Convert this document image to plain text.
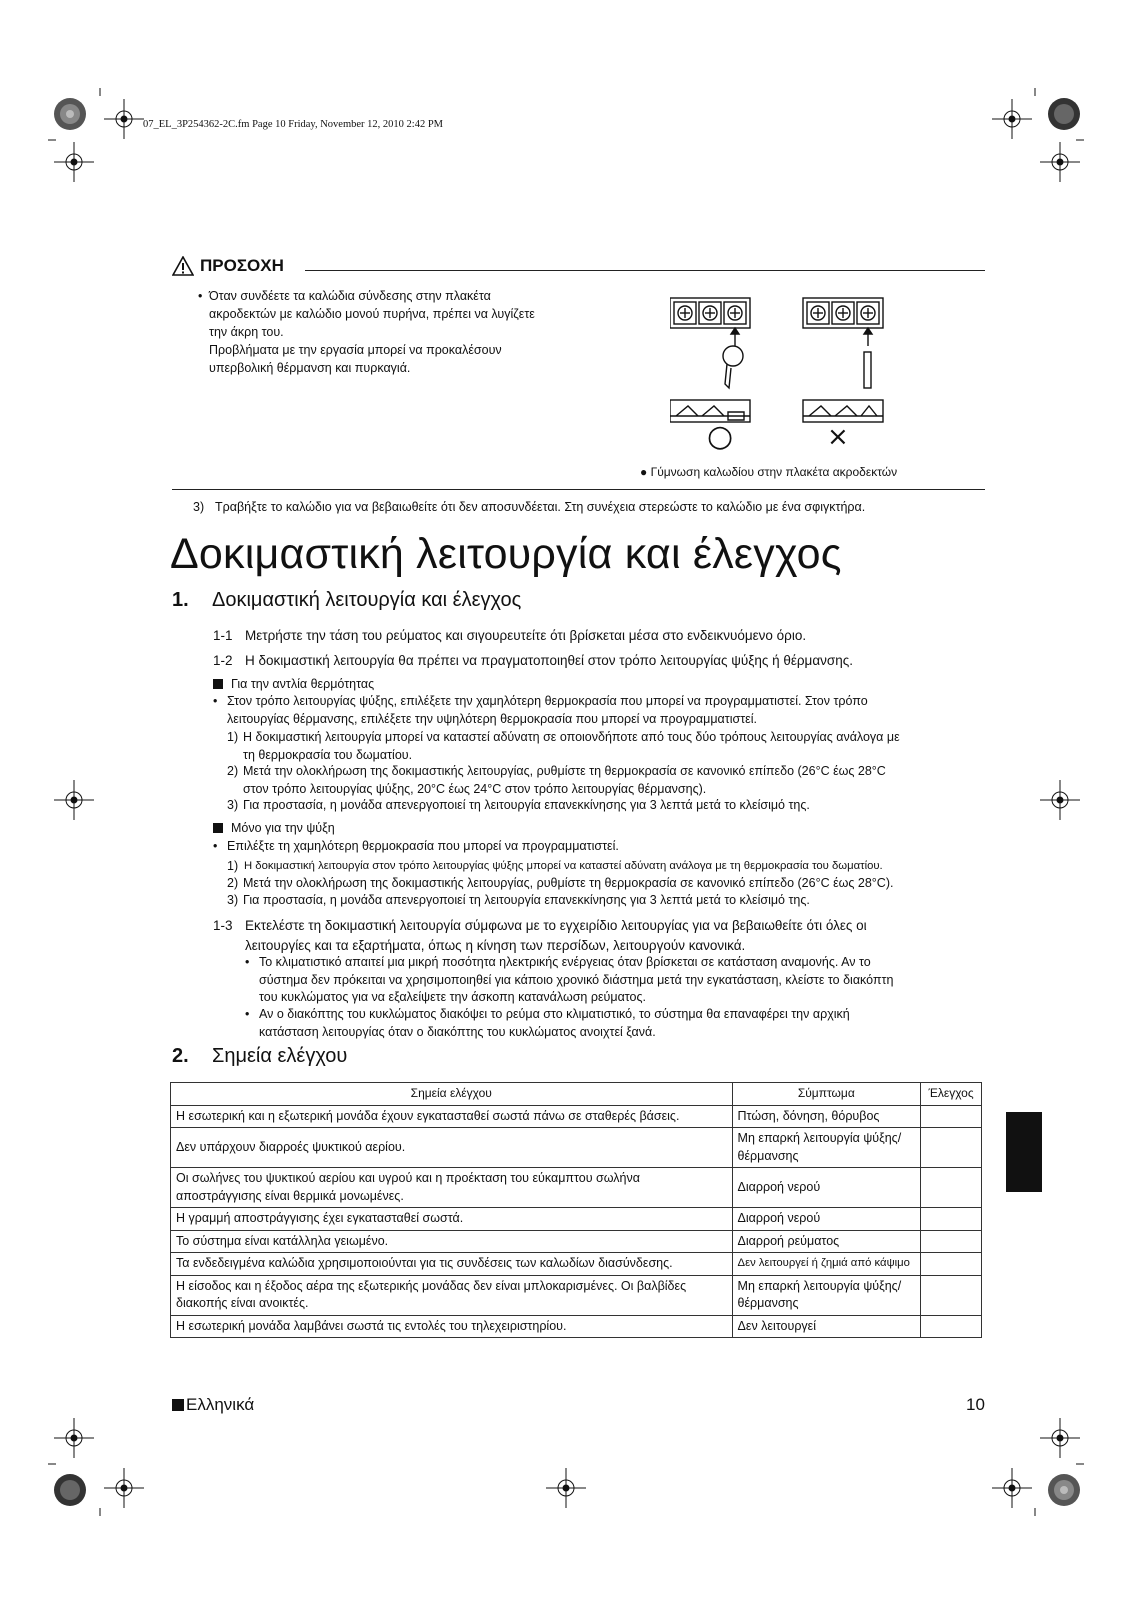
07_EL_3P254362-2C.fm Page 10 Friday, November 12, 2010 2:42 PM
ΠΡΟΣΟΧΗ
• Όταν συνδέετε τα καλώδια σύνδεσης στην πλακέτα
ακροδεκτών με καλώδιο μονού πυρήνα, πρέπει να λυγίζετε
την άκρη του.
Προβλήματα με την εργασία μπορεί να προκαλέσουν
υπερβολική θέρμανση και πυρκαγιά.
○	×
● Γύμνωση καλωδίου στην πλακέτα ακροδεκτών
3) Τραβήξτε το καλώδιο για να βεβαιωθείτε ότι δεν αποσυνδέεται. Στη συνέχεια στερεώστε το καλώδιο με ένα σφιγκτήρα.
Δοκιμαστική λειτουργία και έλεγχος
1. Δοκιμαστική λειτουργία και έλεγχος
1-1 Μετρήστε την τάση του ρεύματος και σιγουρευτείτε ότι βρίσκεται μέσα στο ενδεικνυόμενο όριο.
1-2 Η δοκιμαστική λειτουργία θα πρέπει να πραγματοποιηθεί στον τρόπο λειτουργίας ψύξης ή θέρμανσης.
Για την αντλία θερμότητας
• Στον τρόπο λειτουργίας ψύξης, επιλέξετε την χαμηλότερη θερμοκρασία που μπορεί να προγραμματιστεί. Στον τρόπο
λειτουργίας θέρμανσης, επιλέξετε την υψηλότερη θερμοκρασία που μπορεί να προγραμματιστεί.
1) Η δοκιμαστική λειτουργία μπορεί να καταστεί αδύνατη σε οποιονδήποτε από τους δύο τρόπους λειτουργίας ανάλογα με
τη θερμοκρασία του δωματίου.
2) Μετά την ολοκλήρωση της δοκιμαστικής λειτουργίας, ρυθμίστε τη θερμοκρασία σε κανονικό επίπεδο (26°C έως 28°C
στον τρόπο λειτουργίας ψύξης, 20°C έως 24°C στον τρόπο λειτουργίας θέρμανσης).
3) Για προστασία, η μονάδα απενεργοποιεί τη λειτουργία επανεκκίνησης για 3 λεπτά μετά το κλείσιμό της.
Μόνο για την ψύξη
• Επιλέξτε τη χαμηλότερη θερμοκρασία που μπορεί να προγραμματιστεί.
1) Η δοκιμαστική λειτουργία στον τρόπο λειτουργίας ψύξης μπορεί να καταστεί αδύνατη ανάλογα με τη θερμοκρασία του δωματίου.
2) Μετά την ολοκλήρωση της δοκιμαστικής λειτουργίας, ρυθμίστε τη θερμοκρασία σε κανονικό επίπεδο (26°C έως 28°C).
3) Για προστασία, η μονάδα απενεργοποιεί τη λειτουργία επανεκκίνησης για 3 λεπτά μετά το κλείσιμό της.
1-3 Εκτελέστε τη δοκιμαστική λειτουργία σύμφωνα με το εγχειρίδιο λειτουργίας για να βεβαιωθείτε ότι όλες οι
λειτουργίες και τα εξαρτήματα, όπως η κίνηση των περσίδων, λειτουργούν κανονικά.
• Το κλιματιστικό απαιτεί μια μικρή ποσότητα ηλεκτρικής ενέργειας όταν βρίσκεται σε κατάσταση αναμονής. Αν το
σύστημα δεν πρόκειται να χρησιμοποιηθεί για κάποιο χρονικό διάστημα μετά την εγκατάσταση, κλείστε το διακόπτη
του κυκλώματος για να εξαλείψετε την άσκοπη κατανάλωση ρεύματος.
• Αν ο διακόπτης του κυκλώματος διακόψει το ρεύμα στο κλιματιστικό, το σύστημα θα επαναφέρει την αρχική
κατάσταση λειτουργίας όταν ο διακόπτης του κυκλώματος ανοιχτεί ξανά.
2. Σημεία ελέγχου
Σημεία ελέγχου	Σύμπτωμα	Έλεγχος
Η εσωτερική και η εξωτερική μονάδα έχουν εγκατασταθεί σωστά πάνω σε σταθερές βάσεις.	Πτώση, δόνηση, θόρυβος	
Δεν υπάρχουν διαρροές ψυκτικού αερίου.	Μη επαρκή λειτουργία ψύξης/ θέρμανσης	
Οι σωλήνες του ψυκτικού αερίου και υγρού και η προέκταση του εύκαμπτου σωλήνα αποστράγγισης είναι θερμικά μονωμένες.	Διαρροή νερού	
Η γραμμή αποστράγγισης έχει εγκατασταθεί σωστά.	Διαρροή νερού	
Το σύστημα είναι κατάλληλα γειωμένο.	Διαρροή ρεύματος	
Τα ενδεδειγμένα καλώδια χρησιμοποιούνται για τις συνδέσεις των καλωδίων διασύνδεσης.	Δεν λειτουργεί ή ζημιά από κάψιμο	
Η είσοδος και η έξοδος αέρα της εξωτερικής μονάδας δεν είναι μπλοκαρισμένες. Οι βαλβίδες διακοπής είναι ανοικτές.	Μη επαρκή λειτουργία ψύξης/ θέρμανσης	
Η εσωτερική μονάδα λαμβάνει σωστά τις εντολές του τηλεχειριστηρίου.	Δεν λειτουργεί	
Ελληνικά	10
